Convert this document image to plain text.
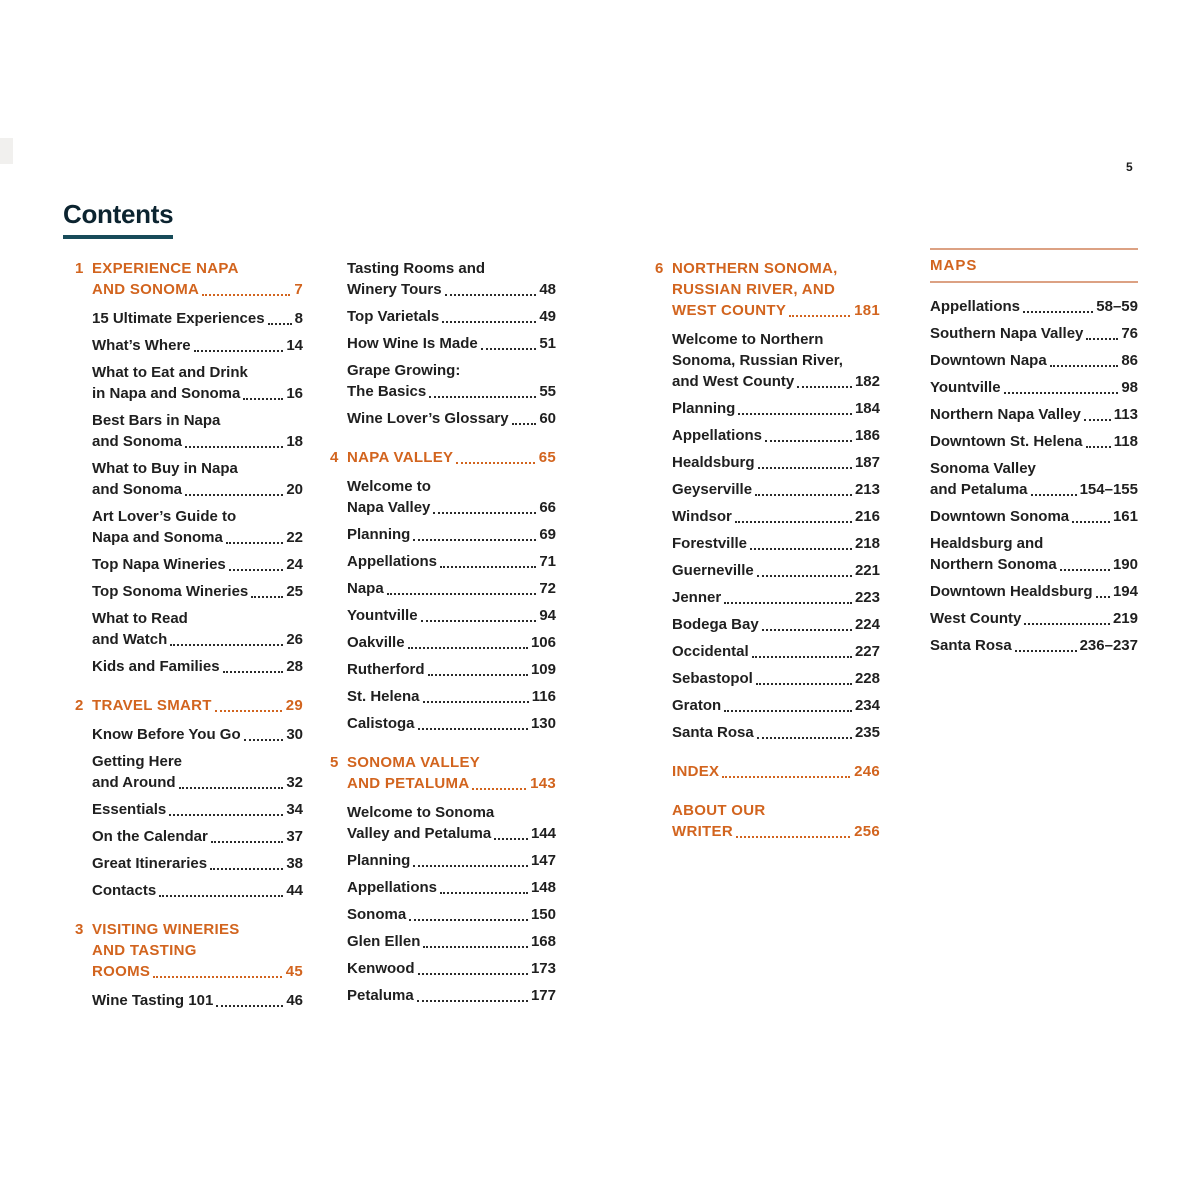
5
Contents
1 EXPERIENCE NAPA
AND SONOMA	7
15 Ultimate Experiences 8
What’s Where	14
What to Eat and Drink
in Napa and Sonoma	16
Best Bars in Napa
and Sonoma	18
What to Buy in Napa
and Sonoma	20
Art Lover’s Guide to
Napa and Sonoma	22
Top Napa Wineries	24
Top Sonoma Wineries	25
What to Read
and Watch	26
Kids and Families	28
2 TRAVEL SMART	29
Know Before You Go	30
Getting Here
and Around	32
Essentials	34
On the Calendar	37
Great Itineraries	38
Contacts	44
3 VISITING WINERIES
AND TASTING
ROOMS	45
Wine Tasting 101	46
Tasting Rooms and
Winery Tours	48
Top Varietals	49
How Wine Is Made	51
Grape Growing:
The Basics	55
Wine Lover’s Glossary 60
4 NAPA VALLEY	65
Welcome to
Napa Valley	66
Planning	69
Appellations	71
Napa	72
Yountville	94
Oakville	106
Rutherford	109
St. Helena	116
Calistoga	130
5 SONOMA VALLEY
AND PETALUMA	143
Welcome to Sonoma
Valley and Petaluma	144
Planning	147
Appellations	148
Sonoma	150
Glen Ellen	168
Kenwood	173
Petaluma	177
6 NORTHERN SONOMA,
RUSSIAN RIVER, AND
WEST COUNTY	181
Welcome to Northern
Sonoma, Russian River,
and West County	182
Planning	184
Appellations	186
Healdsburg	187
Geyserville	213
Windsor	216
Forestville	218
Guerneville	221
Jenner	223
Bodega Bay	224
Occidental	227
Sebastopol	228
Graton	234
Santa Rosa	235
INDEX	246
ABOUT OUR
WRITER	256
MAPS
Appellations	58–59
Southern Napa Valley	76
Downtown Napa	86
Yountville	98
Northern Napa Valley 113
Downtown St. Helena 118
Sonoma Valley
and Petaluma	154–155
Downtown Sonoma	161
Healdsburg and
Northern Sonoma	190
Downtown Healdsburg 194
West County	219
Santa Rosa	236–237
